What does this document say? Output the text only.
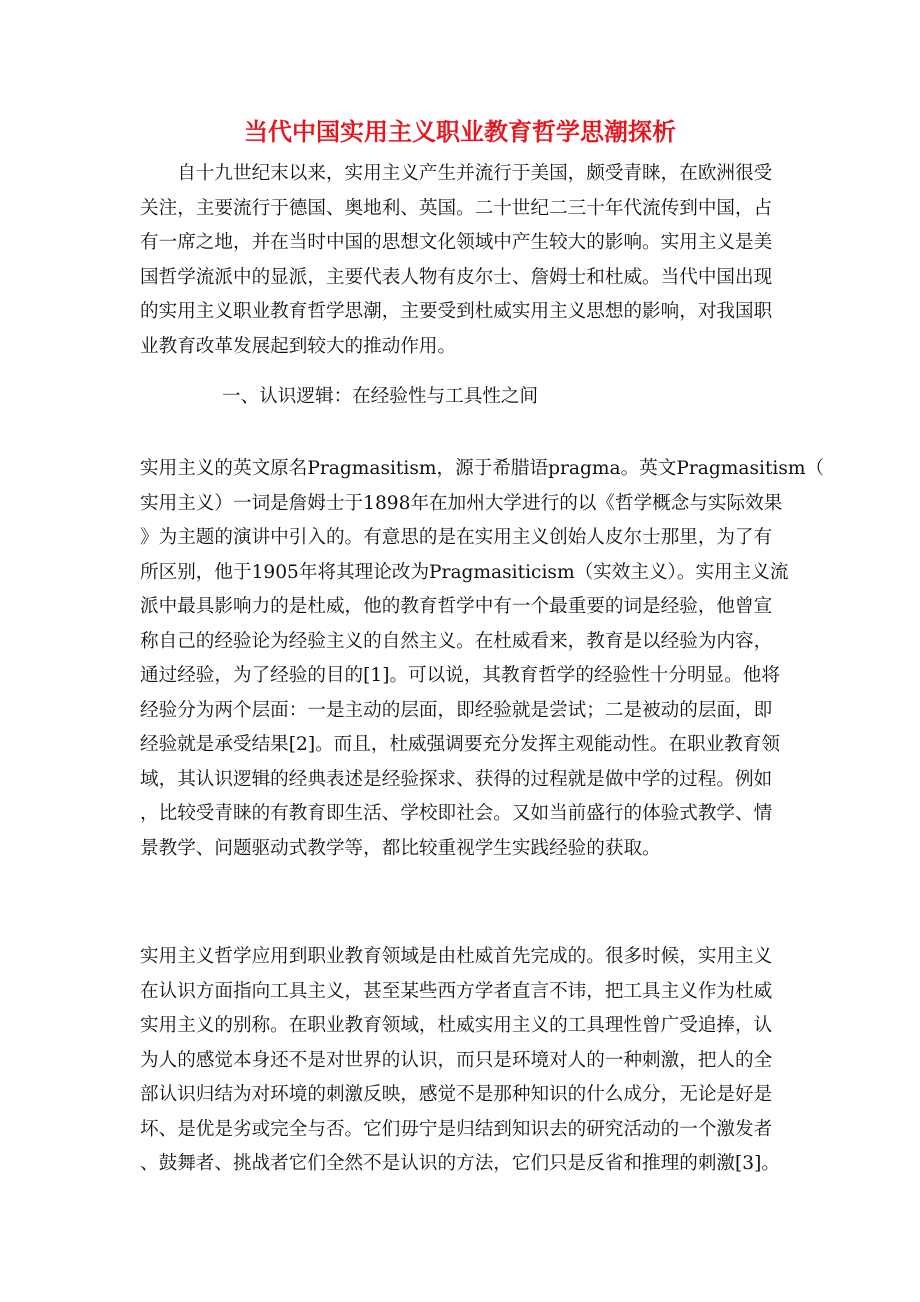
当代中国实用主义职业教育哲学思潮探析
　　自十九世纪末以来，实用主义产生并流行于美国，颇受青睐，在欧洲很受
关注，主要流行于德国、奥地利、英国。二十世纪二三十年代流传到中国，占
有一席之地，并在当时中国的思想文化领域中产生较大的影响。实用主义是美
国哲学流派中的显派，主要代表人物有皮尔士、詹姆士和杜威。当代中国出现
的实用主义职业教育哲学思潮，主要受到杜威实用主义思想的影响，对我国职
业教育改革发展起到较大的推动作用。
一、认识逻辑：在经验性与工具性之间
实用主义的英文原名Pragmasitism，源于希腊语pragma。英文Pragmasitism（
实用主义）一词是詹姆士于1898年在加州大学进行的以《哲学概念与实际效果
》为主题的演讲中引入的。有意思的是在实用主义创始人皮尔士那里，为了有
所区别，他于1905年将其理论改为Pragmasiticism（实效主义）。实用主义流
派中最具影响力的是杜威，他的教育哲学中有一个最重要的词是经验，他曾宣
称自己的经验论为经验主义的自然主义。在杜威看来，教育是以经验为内容，
通过经验，为了经验的目的[1]。可以说，其教育哲学的经验性十分明显。他将
经验分为两个层面：一是主动的层面，即经验就是尝试；二是被动的层面，即
经验就是承受结果[2]。而且，杜威强调要充分发挥主观能动性。在职业教育领
域，其认识逻辑的经典表述是经验探求、获得的过程就是做中学的过程。例如
，比较受青睐的有教育即生活、学校即社会。又如当前盛行的体验式教学、情
景教学、问题驱动式教学等，都比较重视学生实践经验的获取。
实用主义哲学应用到职业教育领域是由杜威首先完成的。很多时候，实用主义
在认识方面指向工具主义，甚至某些西方学者直言不讳，把工具主义作为杜威
实用主义的别称。在职业教育领域，杜威实用主义的工具理性曾广受追捧，认
为人的感觉本身还不是对世界的认识，而只是环境对人的一种刺激，把人的全
部认识归结为对环境的刺激反映，感觉不是那种知识的什么成分，无论是好是
坏、是优是劣或完全与否。它们毋宁是归结到知识去的研究活动的一个激发者
、鼓舞者、挑战者它们全然不是认识的方法，它们只是反省和推理的刺激[3]。
